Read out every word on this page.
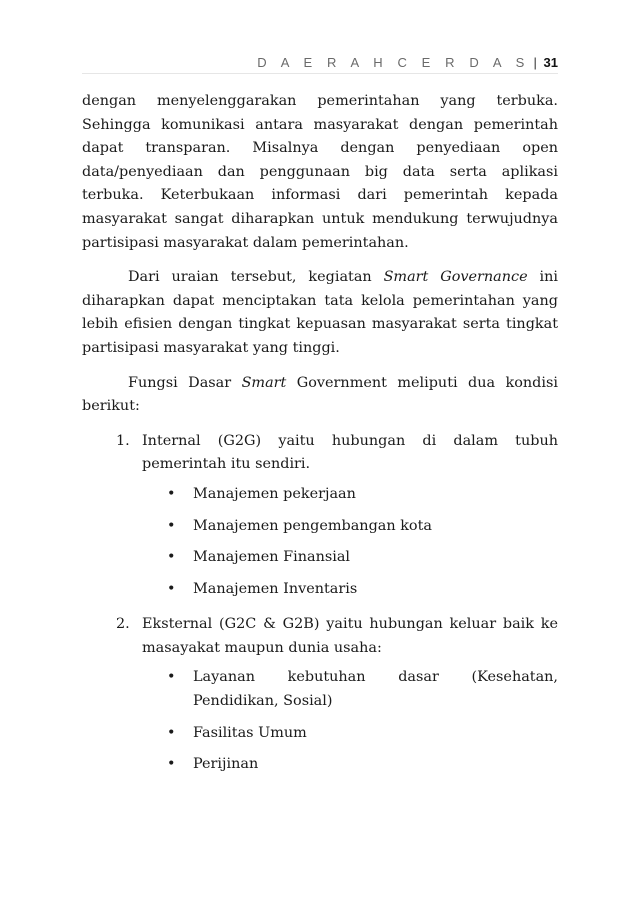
D A E R A H C E R D A S | 31

dengan menyelenggarakan pemerintahan yang terbuka. Sehingga komunikasi antara masyarakat dengan pemerintah dapat transparan. Misalnya dengan penyediaan open data/penyediaan dan penggunaan big data serta aplikasi terbuka. Keterbukaan informasi dari pemerintah kepada masyarakat sangat diharapkan untuk mendukung terwujudnya partisipasi masyarakat dalam pemerintahan.

Dari uraian tersebut, kegiatan Smart Governance ini diharapkan dapat menciptakan tata kelola pemerintahan yang lebih efisien dengan tingkat kepuasan masyarakat serta tingkat partisipasi masyarakat yang tinggi.

Fungsi Dasar Smart Government meliputi dua kondisi berikut:

1. Internal (G2G) yaitu hubungan di dalam tubuh pemerintah itu sendiri.

•	Manajemen pekerjaan
•	Manajemen pengembangan kota
•	Manajemen Finansial
•	Manajemen Inventaris
2. Eksternal (G2C & G2B) yaitu hubungan keluar baik ke masayakat maupun dunia usaha:

•	Layanan kebutuhan dasar (Kesehatan, Pendidikan, Sosial)
•	Fasilitas Umum
•	Perijinan
